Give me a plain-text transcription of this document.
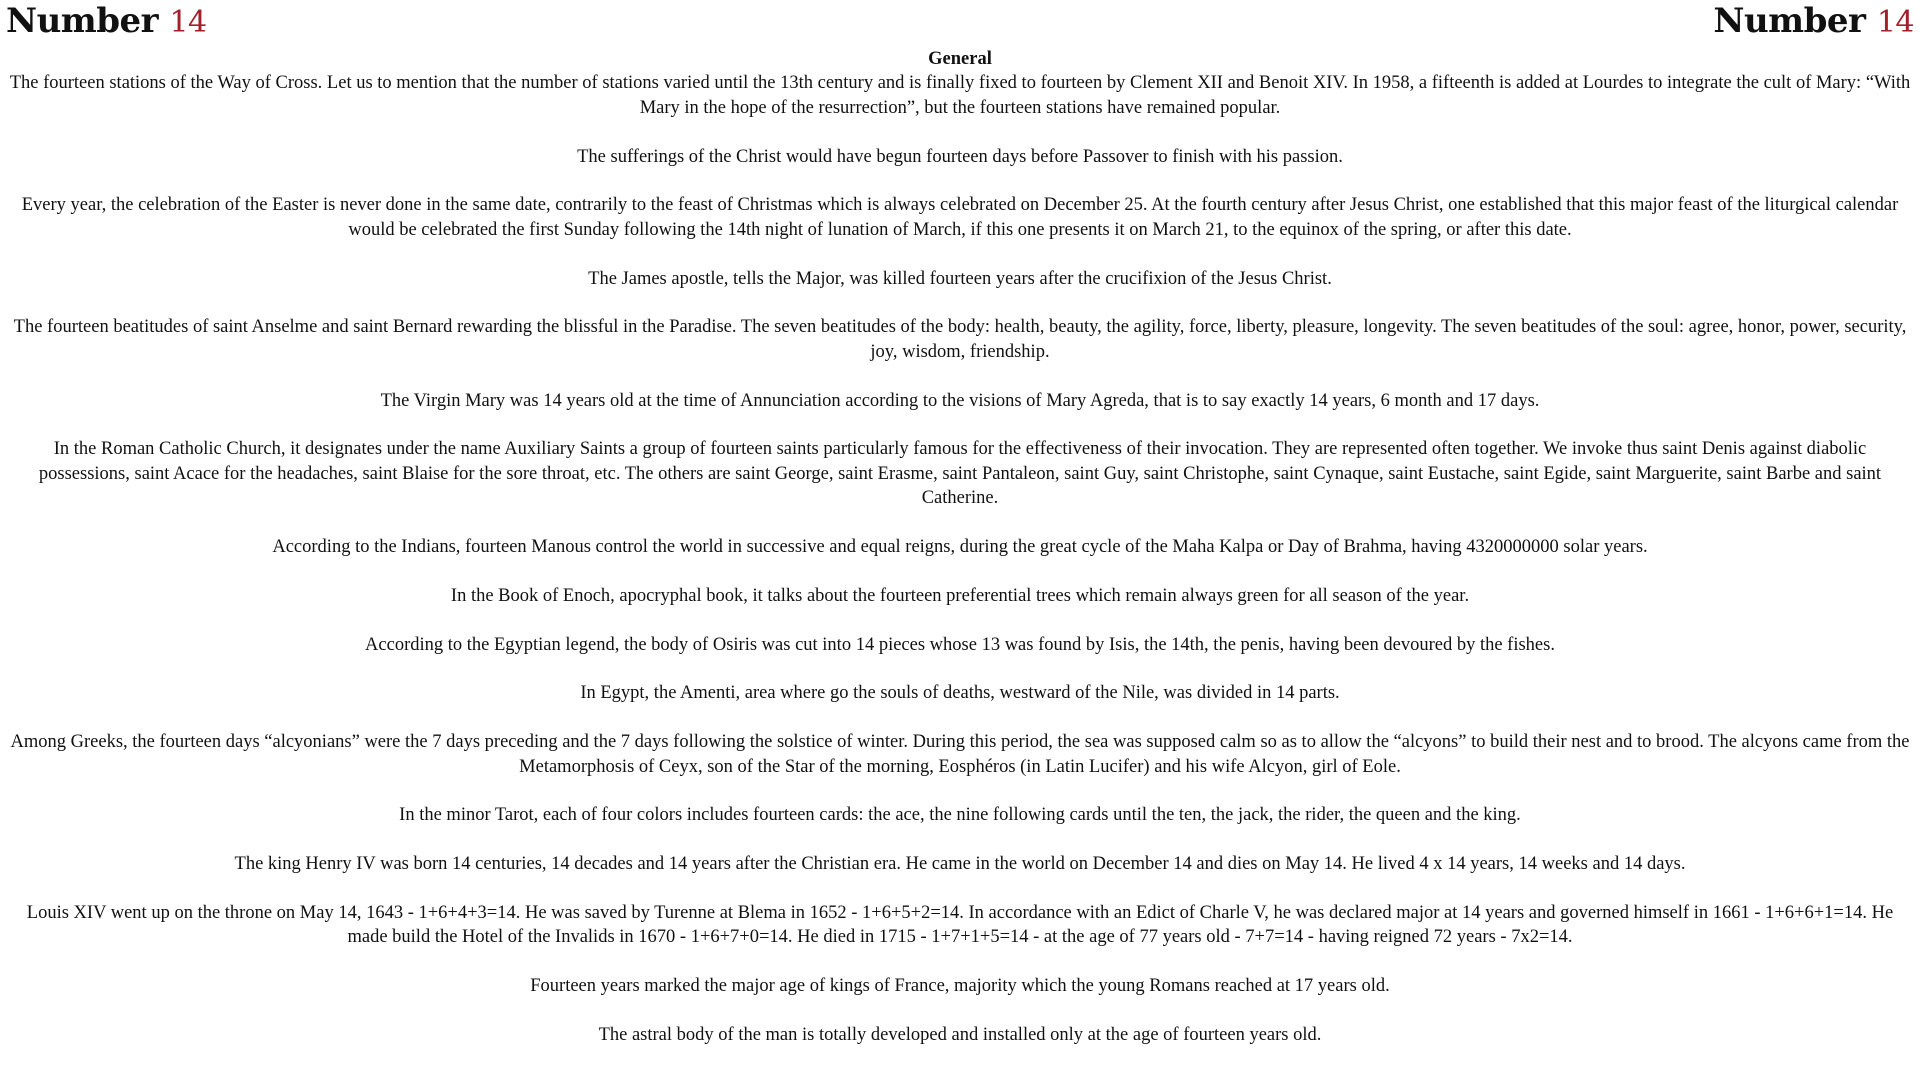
Number 14	Number 14

General

The fourteen stations of the Way of Cross. Let us to mention that the number of stations varied until the 13th century and is finally fixed to fourteen by Clement XII and Benoit XIV. In 1958, a fifteenth is added at Lourdes to integrate the cult of Mary: “With Mary in the hope of the resurrection”, but the fourteen stations have remained popular.

The sufferings of the Christ would have begun fourteen days before Passover to finish with his passion.

Every year, the celebration of the Easter is never done in the same date, contrarily to the feast of Christmas which is always celebrated on December 25. At the fourth century after Jesus Christ, one established that this major feast of the liturgical calendar would be celebrated the first Sunday following the 14th night of lunation of March, if this one presents it on March 21, to the equinox of the spring, or after this date.

The James apostle, tells the Major, was killed fourteen years after the crucifixion of the Jesus Christ.

The fourteen beatitudes of saint Anselme and saint Bernard rewarding the blissful in the Paradise. The seven beatitudes of the body: health, beauty, the agility, force, liberty, pleasure, longevity. The seven beatitudes of the soul: agree, honor, power, security, joy, wisdom, friendship.

The Virgin Mary was 14 years old at the time of Annunciation according to the visions of Mary Agreda, that is to say exactly 14 years, 6 month and 17 days.

In the Roman Catholic Church, it designates under the name Auxiliary Saints a group of fourteen saints particularly famous for the effectiveness of their invocation. They are represented often together. We invoke thus saint Denis against diabolic possessions, saint Acace for the headaches, saint Blaise for the sore throat, etc. The others are saint George, saint Erasme, saint Pantaleon, saint Guy, saint Christophe, saint Cynaque, saint Eustache, saint Egide, saint Marguerite, saint Barbe and saint Catherine.

According to the Indians, fourteen Manous control the world in successive and equal reigns, during the great cycle of the Maha Kalpa or Day of Brahma, having 4320000000 solar years.

In the Book of Enoch, apocryphal book, it talks about the fourteen preferential trees which remain always green for all season of the year.

According to the Egyptian legend, the body of Osiris was cut into 14 pieces whose 13 was found by Isis, the 14th, the penis, having been devoured by the fishes.

In Egypt, the Amenti, area where go the souls of deaths, westward of the Nile, was divided in 14 parts.

Among Greeks, the fourteen days “alcyonians” were the 7 days preceding and the 7 days following the solstice of winter. During this period, the sea was supposed calm so as to allow the “alcyons” to build their nest and to brood. The alcyons came from the Metamorphosis of Ceyx, son of the Star of the morning, Eosphéros (in Latin Lucifer) and his wife Alcyon, girl of Eole.

In the minor Tarot, each of four colors includes fourteen cards: the ace, the nine following cards until the ten, the jack, the rider, the queen and the king.

The king Henry IV was born 14 centuries, 14 decades and 14 years after the Christian era. He came in the world on December 14 and dies on May 14. He lived 4 x 14 years, 14 weeks and 14 days.

Louis XIV went up on the throne on May 14, 1643 - 1+6+4+3=14. He was saved by Turenne at Blema in 1652 - 1+6+5+2=14. In accordance with an Edict of Charle V, he was declared major at 14 years and governed himself in 1661 - 1+6+6+1=14. He made build the Hotel of the Invalids in 1670 - 1+6+7+0=14. He died in 1715 - 1+7+1+5=14 - at the age of 77 years old - 7+7=14 - having reigned 72 years - 7x2=14.

Fourteen years marked the major age of kings of France, majority which the young Romans reached at 17 years old.

The astral body of the man is totally developed and installed only at the age of fourteen years old.
